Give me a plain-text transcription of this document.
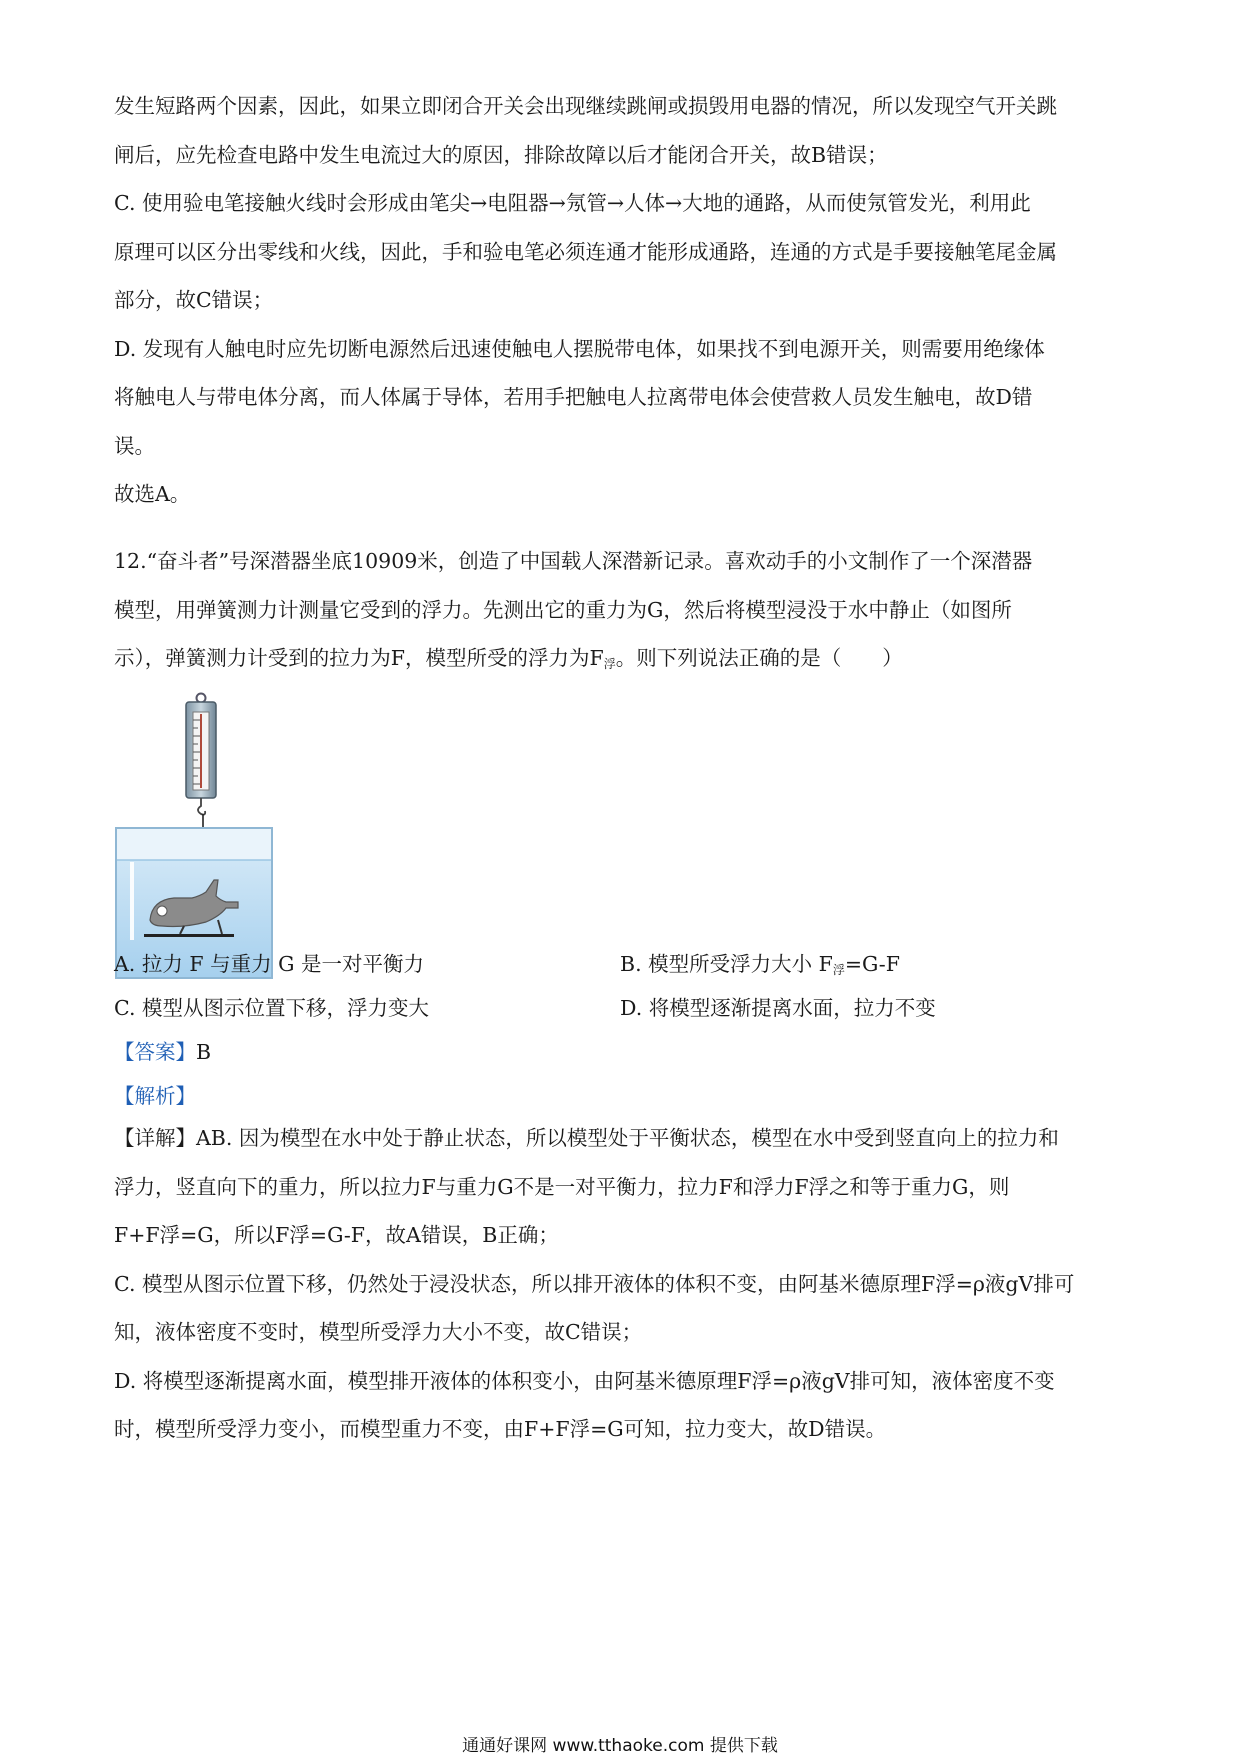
发生短路两个因素，因此，如果立即闭合开关会出现继续跳闸或损毁用电器的情况，所以发现空气开关跳
闸后，应先检查电路中发生电流过大的原因，排除故障以后才能闭合开关，故B错误；
C. 使用验电笔接触火线时会形成由笔尖→电阻器→氖管→人体→大地的通路，从而使氖管发光，利用此
原理可以区分出零线和火线，因此，手和验电笔必须连通才能形成通路，连通的方式是手要接触笔尾金属
部分，故C错误；
D. 发现有人触电时应先切断电源然后迅速使触电人摆脱带电体，如果找不到电源开关，则需要用绝缘体
将触电人与带电体分离，而人体属于导体，若用手把触电人拉离带电体会使营救人员发生触电，故D错
误。
故选A。
12.“奋斗者”号深潜器坐底10909米，创造了中国载人深潜新记录。喜欢动手的小文制作了一个深潜器
模型，用弹簧测力计测量它受到的浮力。先测出它的重力为G，然后将模型浸没于水中静止（如图所
示），弹簧测力计受到的拉力为F，模型所受的浮力为$F_浮$。则下列说法正确的是（　　）
A. 拉力 F 与重力 G 是一对平衡力	B. 模型所受浮力大小 $F_浮=G-F$
C. 模型从图示位置下移，浮力变大	D. 将模型逐渐提离水面，拉力不变
【答案】B
【解析】
【详解】AB. 因为模型在水中处于静止状态，所以模型处于平衡状态，模型在水中受到竖直向上的拉力和
浮力，竖直向下的重力，所以拉力F与重力G不是一对平衡力，拉力F和浮力F浮之和等于重力G，则
F+F浮=G，所以F浮=G-F，故A错误，B正确；
C. 模型从图示位置下移，仍然处于浸没状态，所以排开液体的体积不变，由阿基米德原理F浮=ρ液gV排可
知，液体密度不变时，模型所受浮力大小不变，故C错误；
D. 将模型逐渐提离水面，模型排开液体的体积变小，由阿基米德原理F浮=ρ液gV排可知，液体密度不变
时，模型所受浮力变小，而模型重力不变，由F+F浮=G可知，拉力变大，故D错误。
通通好课网 www.tthaoke.com 提供下载
